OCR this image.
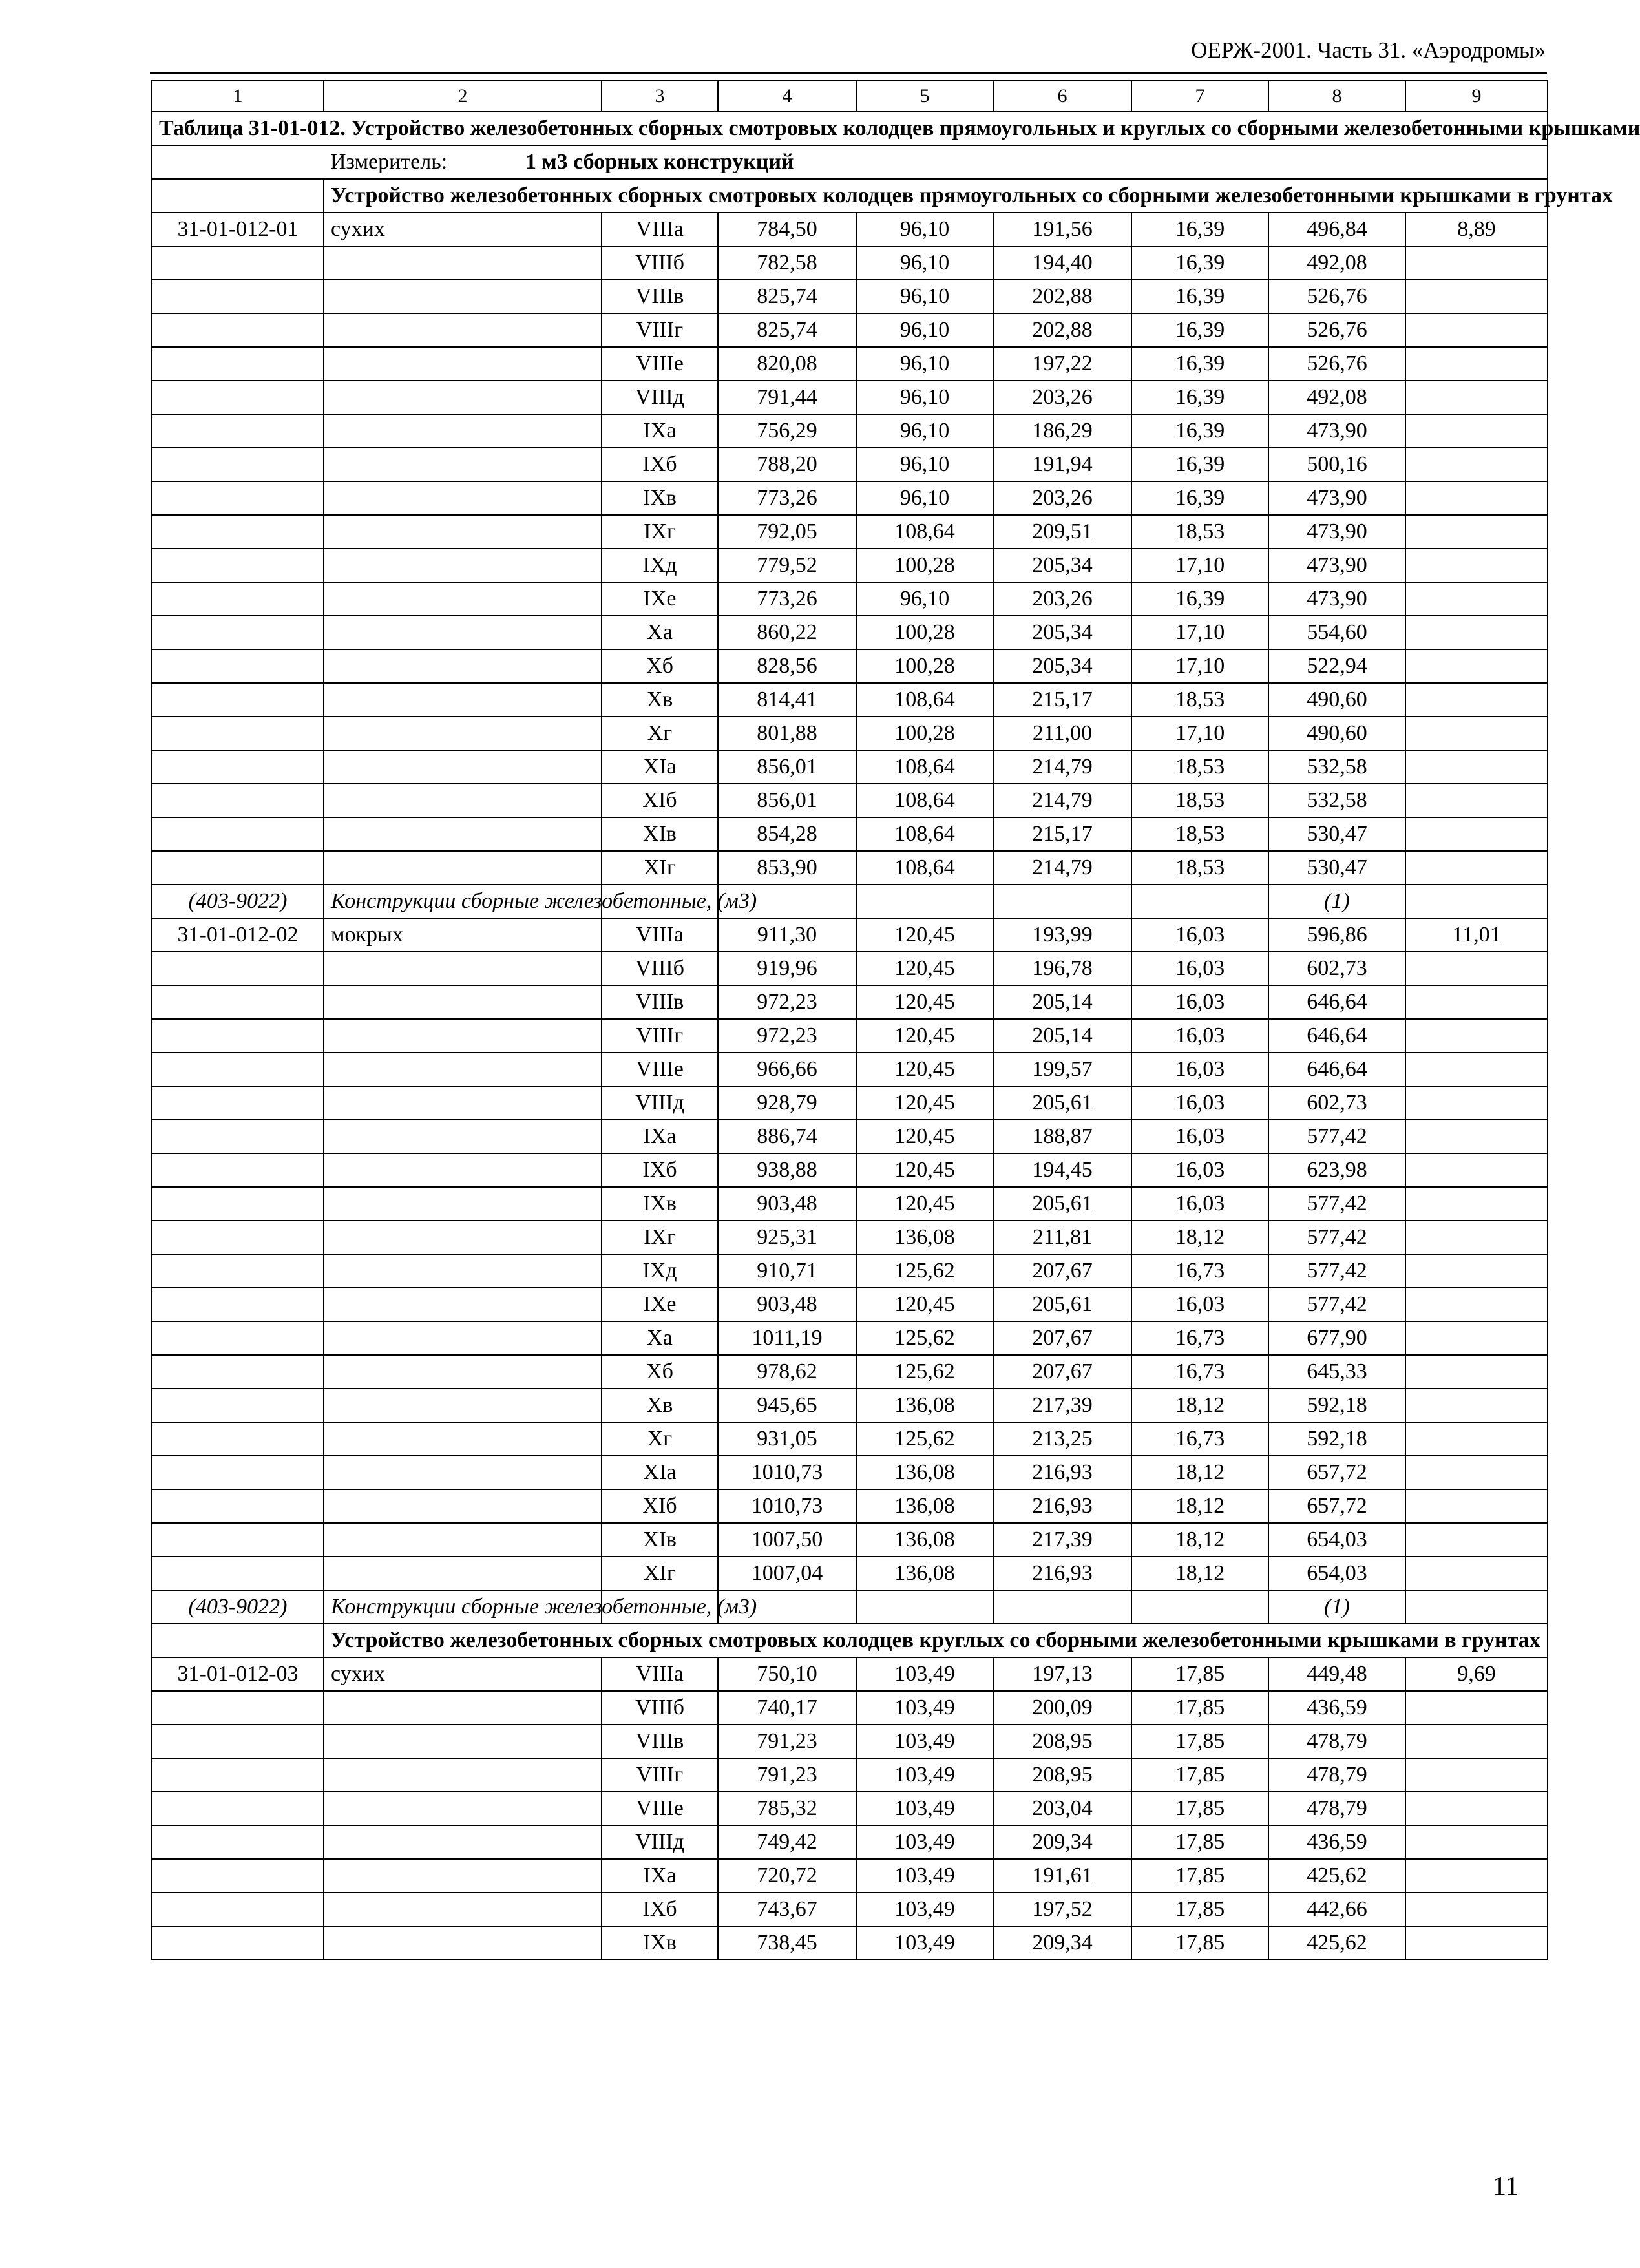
ОЕРЖ-2001. Часть 31. «Аэродромы»
1	2	3	4	5	6	7	8	9
Таблица 31-01-012. Устройство железобетонных сборных смотровых колодцев прямоугольных и круглых со сборными железобетонными крышками								
	Измеритель: 1 м3 сборных конструкций							
	Устройство железобетонных сборных смотровых колодцев прямоугольных со сборными железобетонными крышками в грунтах							
31-01-012-01	сухих	VIIIа	784,50	96,10	191,56	16,39	496,84	8,89
		VIIIб	782,58	96,10	194,40	16,39	492,08	
		VIIIв	825,74	96,10	202,88	16,39	526,76	
		VIIIг	825,74	96,10	202,88	16,39	526,76	
		VIIIе	820,08	96,10	197,22	16,39	526,76	
		VIIIд	791,44	96,10	203,26	16,39	492,08	
		IXа	756,29	96,10	186,29	16,39	473,90	
		IXб	788,20	96,10	191,94	16,39	500,16	
		IXв	773,26	96,10	203,26	16,39	473,90	
		IXг	792,05	108,64	209,51	18,53	473,90	
		IXд	779,52	100,28	205,34	17,10	473,90	
		IXе	773,26	96,10	203,26	16,39	473,90	
		Xа	860,22	100,28	205,34	17,10	554,60	
		Xб	828,56	100,28	205,34	17,10	522,94	
		Xв	814,41	108,64	215,17	18,53	490,60	
		Xг	801,88	100,28	211,00	17,10	490,60	
		XIа	856,01	108,64	214,79	18,53	532,58	
		XIб	856,01	108,64	214,79	18,53	532,58	
		XIв	854,28	108,64	215,17	18,53	530,47	
		XIг	853,90	108,64	214,79	18,53	530,47	
(403-9022)	Конструкции сборные железобетонные, (м3)						(1)	
31-01-012-02	мокрых	VIIIа	911,30	120,45	193,99	16,03	596,86	11,01
		VIIIб	919,96	120,45	196,78	16,03	602,73	
		VIIIв	972,23	120,45	205,14	16,03	646,64	
		VIIIг	972,23	120,45	205,14	16,03	646,64	
		VIIIе	966,66	120,45	199,57	16,03	646,64	
		VIIIд	928,79	120,45	205,61	16,03	602,73	
		IXа	886,74	120,45	188,87	16,03	577,42	
		IXб	938,88	120,45	194,45	16,03	623,98	
		IXв	903,48	120,45	205,61	16,03	577,42	
		IXг	925,31	136,08	211,81	18,12	577,42	
		IXд	910,71	125,62	207,67	16,73	577,42	
		IXе	903,48	120,45	205,61	16,03	577,42	
		Xа	1011,19	125,62	207,67	16,73	677,90	
		Xб	978,62	125,62	207,67	16,73	645,33	
		Xв	945,65	136,08	217,39	18,12	592,18	
		Xг	931,05	125,62	213,25	16,73	592,18	
		XIа	1010,73	136,08	216,93	18,12	657,72	
		XIб	1010,73	136,08	216,93	18,12	657,72	
		XIв	1007,50	136,08	217,39	18,12	654,03	
		XIг	1007,04	136,08	216,93	18,12	654,03	
(403-9022)	Конструкции сборные железобетонные, (м3)						(1)	
	Устройство железобетонных сборных смотровых колодцев круглых со сборными железобетонными крышками в грунтах							
31-01-012-03	сухих	VIIIа	750,10	103,49	197,13	17,85	449,48	9,69
		VIIIб	740,17	103,49	200,09	17,85	436,59	
		VIIIв	791,23	103,49	208,95	17,85	478,79	
		VIIIг	791,23	103,49	208,95	17,85	478,79	
		VIIIе	785,32	103,49	203,04	17,85	478,79	
		VIIIд	749,42	103,49	209,34	17,85	436,59	
		IXа	720,72	103,49	191,61	17,85	425,62	
		IXб	743,67	103,49	197,52	17,85	442,66	
		IXв	738,45	103,49	209,34	17,85	425,62	
11
